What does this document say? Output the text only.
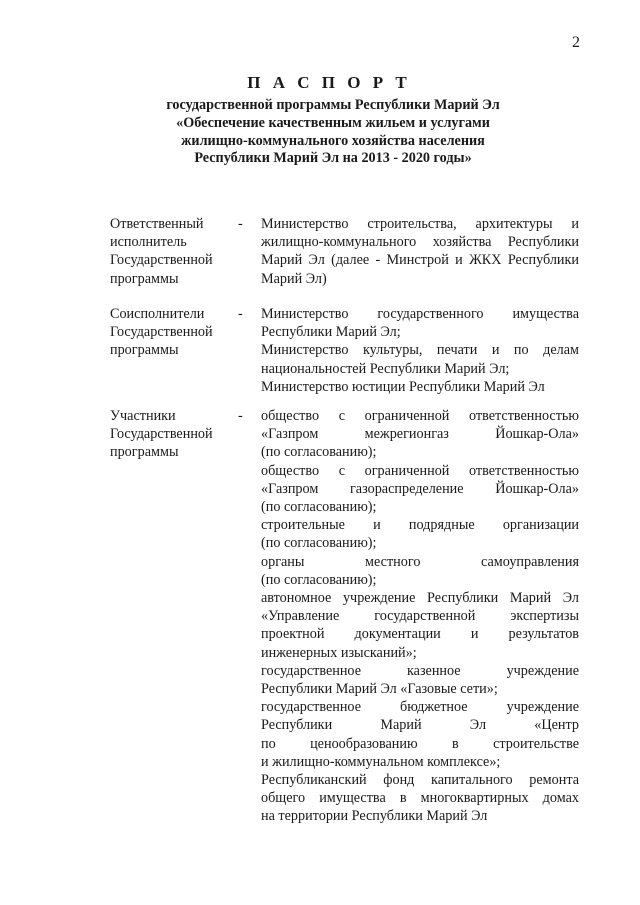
2
П А С П О Р Т
государственной программы Республики Марий Эл
«Обеспечение качественным жильем и услугами
жилищно-коммунального хозяйства населения
Республики Марий Эл на 2013 - 2020 годы»
Ответственный
исполнитель
Государственной
программы
- Министерство строительства, архитектуры и
жилищно-коммунального хозяйства Республики
Марий Эл (далее - Минстрой и ЖКХ Республики
Марий Эл)
Соисполнители
Государственной
программы
- Министерство государственного имущества
Республики Марий Эл;
Министерство культуры, печати и по делам
национальностей Республики Марий Эл;
Министерство юстиции Республики Марий Эл
Участники
Государственной
программы
- общество с ограниченной ответственностью
«Газпром межрегионгаз Йошкар-Ола»
(по согласованию);
общество с ограниченной ответственностью
«Газпром газораспределение Йошкар-Ола»
(по согласованию);
строительные и подрядные организации
(по согласованию);
органы местного самоуправления
(по согласованию);
автономное учреждение Республики Марий Эл
«Управление государственной экспертизы
проектной документации и результатов
инженерных изысканий»;
государственное казенное учреждение
Республики Марий Эл «Газовые сети»;
государственное бюджетное учреждение
Республики Марий Эл «Центр
по ценообразованию в строительстве
и жилищно-коммунальном комплексе»;
Республиканский фонд капитального ремонта
общего имущества в многоквартирных домах
на территории Республики Марий Эл
